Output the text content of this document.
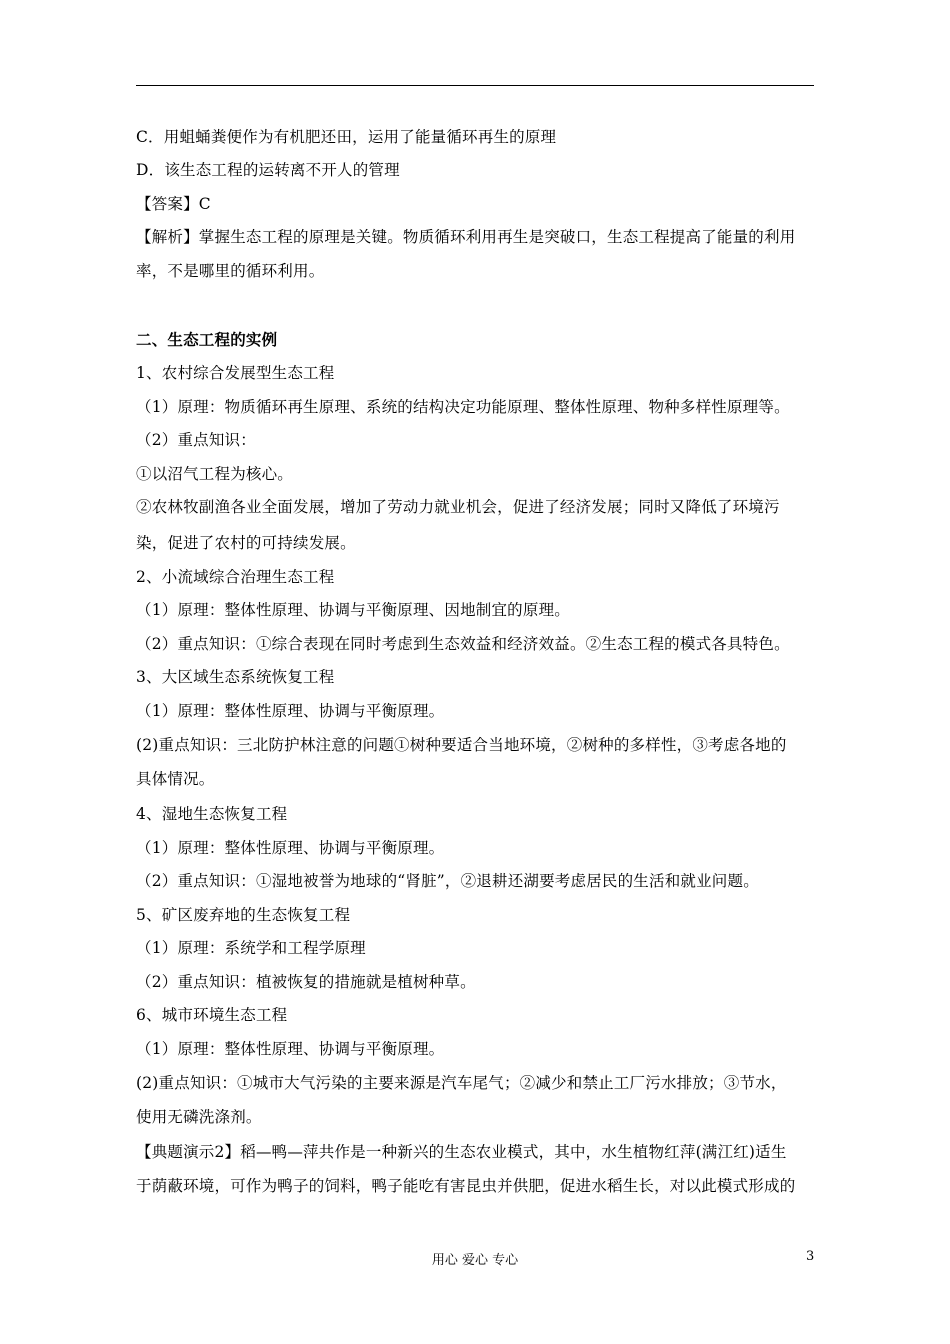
C．用蛆蛹粪便作为有机肥还田，运用了能量循环再生的原理
D．该生态工程的运转离不开人的管理
【答案】C
【解析】掌握生态工程的原理是关键。物质循环利用再生是突破口，生态工程提高了能量的利用
率，不是哪里的循环利用。
二、生态工程的实例
1、农村综合发展型生态工程
（1）原理：物质循环再生原理、系统的结构决定功能原理、整体性原理、物种多样性原理等。
（2）重点知识：
①以沼气工程为核心。
②农林牧副渔各业全面发展，增加了劳动力就业机会，促进了经济发展；同时又降低了环境污
染，促进了农村的可持续发展。
2、小流域综合治理生态工程
（1）原理：整体性原理、协调与平衡原理、因地制宜的原理。
（2）重点知识：①综合表现在同时考虑到生态效益和经济效益。②生态工程的模式各具特色。
3、大区域生态系统恢复工程
（1）原理：整体性原理、协调与平衡原理。
(2)重点知识：三北防护林注意的问题①树种要适合当地环境，②树种的多样性，③考虑各地的
具体情况。
4、湿地生态恢复工程
（1）原理：整体性原理、协调与平衡原理。
（2）重点知识：①湿地被誉为地球的“肾脏”，②退耕还湖要考虑居民的生活和就业问题。
5、矿区废弃地的生态恢复工程
（1）原理：系统学和工程学原理
（2）重点知识：植被恢复的措施就是植树种草。
6、城市环境生态工程
（1）原理：整体性原理、协调与平衡原理。
(2)重点知识：①城市大气污染的主要来源是汽车尾气；②减少和禁止工厂污水排放；③节水，
使用无磷洗涤剂。
【典题演示2】稻—鸭—萍共作是一种新兴的生态农业模式，其中，水生植物红萍(满江红)适生
于荫蔽环境，可作为鸭子的饲料，鸭子能吃有害昆虫并供肥，促进水稻生长，对以此模式形成的
用心 爱心 专心	3
